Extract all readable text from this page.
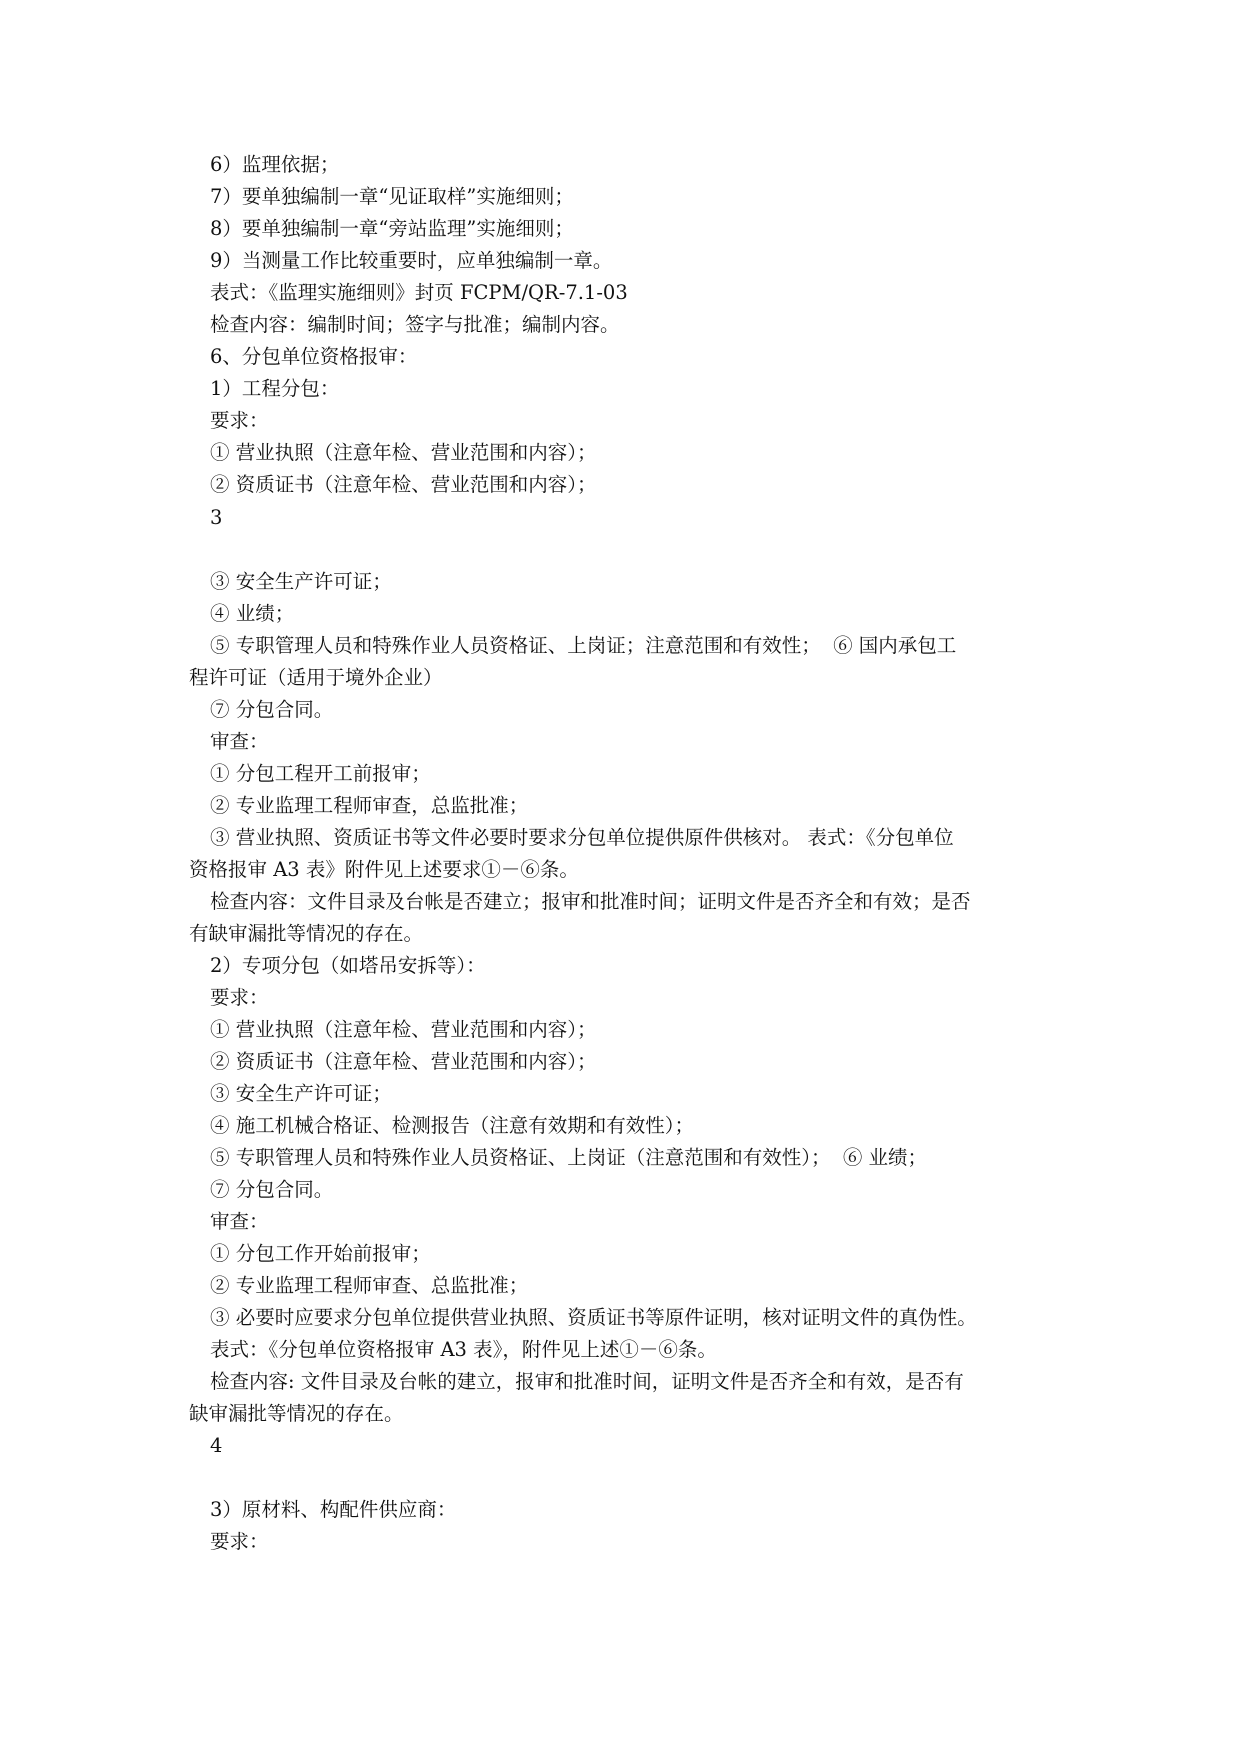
6）监理依据；
7）要单独编制一章“见证取样”实施细则；
8）要单独编制一章“旁站监理”实施细则；
9）当测量工作比较重要时，应单独编制一章。
表式：《监理实施细则》封页 FCPM/QR-7.1-03
检查内容：编制时间；签字与批准；编制内容。
6、分包单位资格报审：
1）工程分包：
要求：
① 营业执照（注意年检、营业范围和内容）；
② 资质证书（注意年检、营业范围和内容）；
3
③ 安全生产许可证；
④ 业绩；
⑤ 专职管理人员和特殊作业人员资格证、上岗证；注意范围和有效性；  ⑥ 国内承包工
程许可证（适用于境外企业）
⑦ 分包合同。
审查：
① 分包工程开工前报审；
② 专业监理工程师审查，总监批准；
③ 营业执照、资质证书等文件必要时要求分包单位提供原件供核对。 表式：《分包单位
资格报审 A3 表》附件见上述要求①－⑥条。
检查内容：文件目录及台帐是否建立；报审和批准时间；证明文件是否齐全和有效；是否
有缺审漏批等情况的存在。
2）专项分包（如塔吊安拆等）：
要求：
① 营业执照（注意年检、营业范围和内容）；
② 资质证书（注意年检、营业范围和内容）；
③ 安全生产许可证；
④ 施工机械合格证、检测报告（注意有效期和有效性）；
⑤ 专职管理人员和特殊作业人员资格证、上岗证（注意范围和有效性）；  ⑥ 业绩；
⑦ 分包合同。
审查：
① 分包工作开始前报审；
② 专业监理工程师审查、总监批准；
③ 必要时应要求分包单位提供营业执照、资质证书等原件证明，核对证明文件的真伪性。
表式：《分包单位资格报审 A3 表》，附件见上述①－⑥条。
检查内容: 文件目录及台帐的建立，报审和批准时间，证明文件是否齐全和有效，是否有
缺审漏批等情况的存在。
4
3）原材料、构配件供应商：
要求：
